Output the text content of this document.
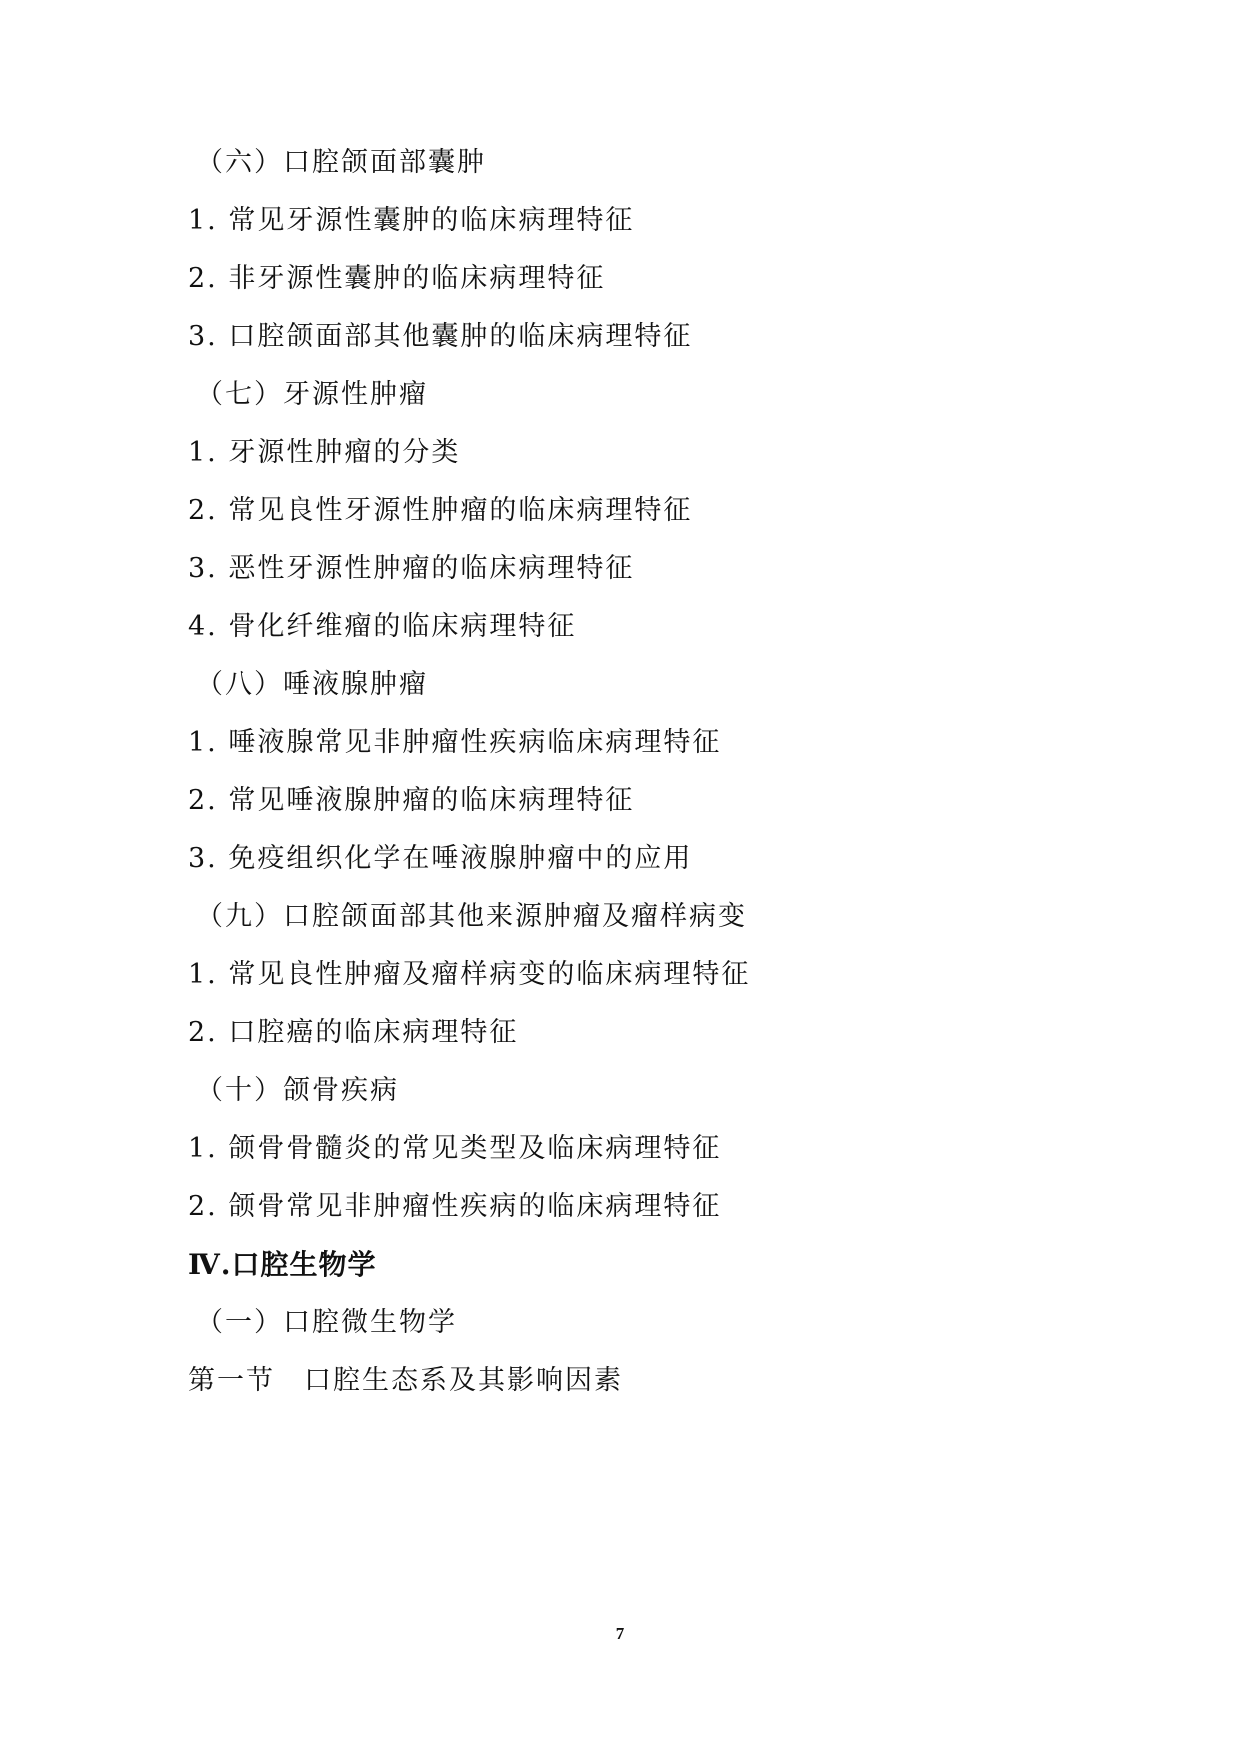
（六）口腔颌面部囊肿
1. 常见牙源性囊肿的临床病理特征
2. 非牙源性囊肿的临床病理特征
3. 口腔颌面部其他囊肿的临床病理特征
（七）牙源性肿瘤
1. 牙源性肿瘤的分类
2. 常见良性牙源性肿瘤的临床病理特征
3. 恶性牙源性肿瘤的临床病理特征
4. 骨化纤维瘤的临床病理特征
（八）唾液腺肿瘤
1. 唾液腺常见非肿瘤性疾病临床病理特征
2. 常见唾液腺肿瘤的临床病理特征
3. 免疫组织化学在唾液腺肿瘤中的应用
（九）口腔颌面部其他来源肿瘤及瘤样病变
1. 常见良性肿瘤及瘤样病变的临床病理特征
2. 口腔癌的临床病理特征
（十）颌骨疾病
1. 颌骨骨髓炎的常见类型及临床病理特征
2. 颌骨常见非肿瘤性疾病的临床病理特征
Ⅳ.口腔生物学
（一）口腔微生物学
第一节　口腔生态系及其影响因素
7
